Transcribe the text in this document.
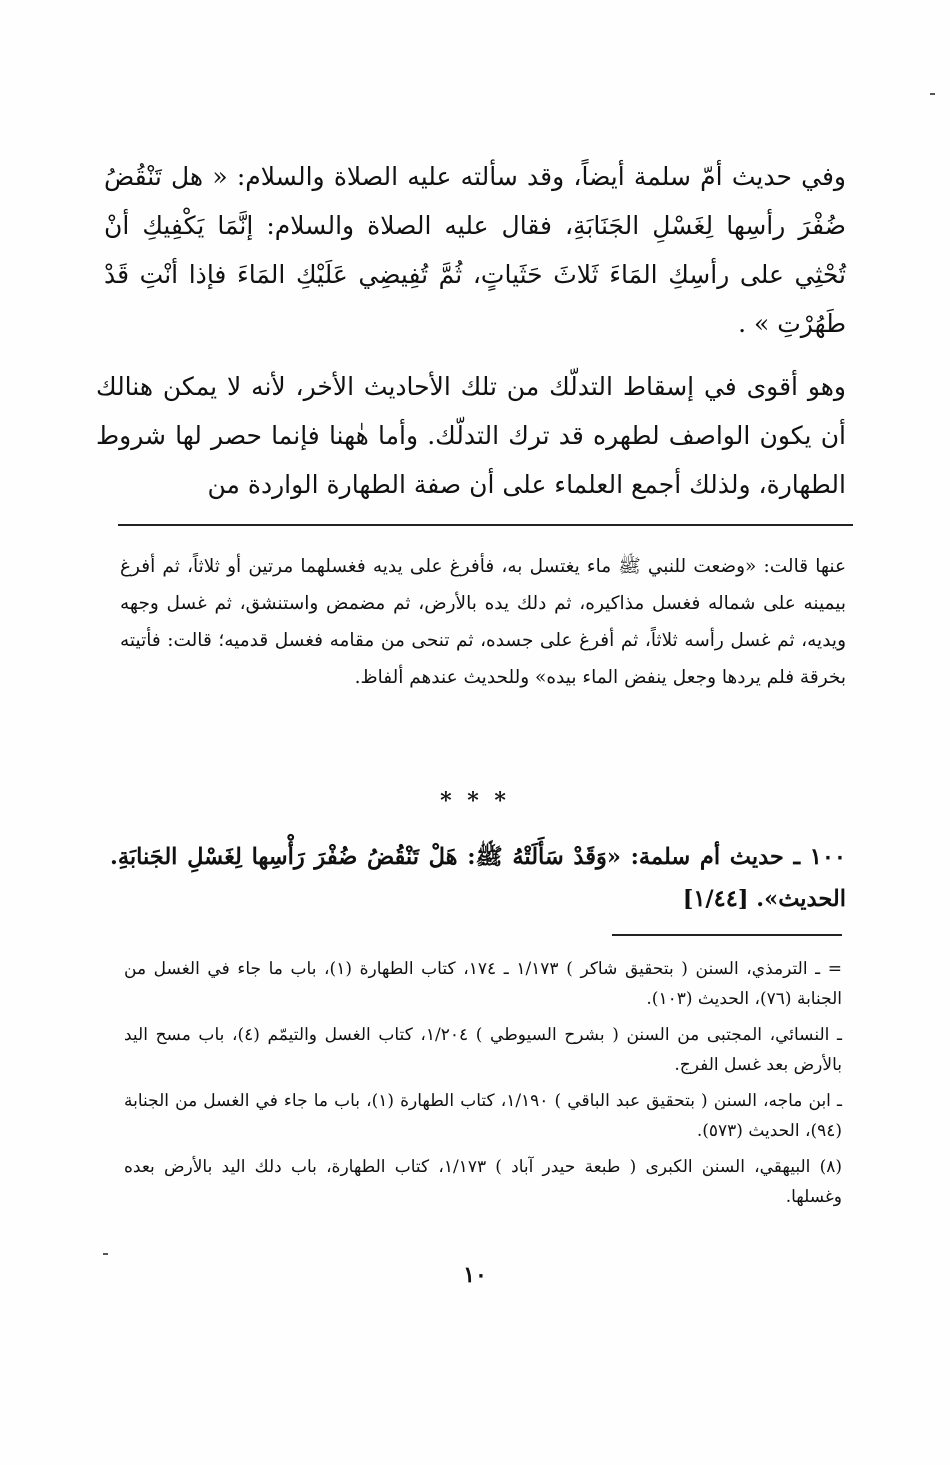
وفي حديث أمّ سلمة أيضاً، وقد سألته عليه الصلاة والسلام: « هل تَنْقُضُ ضُفْرَ رأسِها لِغَسْلِ الجَنَابَةِ، فقال عليه الصلاة والسلام: إنَّمَا يَكْفِيكِ أنْ تُحْثِي على رأسِكِ المَاءَ ثَلاثَ حَثَياتٍ، ثُمَّ تُفِيضِي عَلَيْكِ المَاءَ فإذا أنْتِ قَدْ طَهُرْتِ » .

وهو أقوى في إسقاط التدلّك من تلك الأحاديث الأخر، لأنه لا يمكن هنالك أن يكون الواصف لطهره قد ترك التدلّك. وأما هٰهنا فإنما حصر لها شروط الطهارة، ولذلك أجمع العلماء على أن صفة الطهارة الواردة من

عنها قالت: «وضعت للنبي ﷺ ماء يغتسل به، فأفرغ على يديه فغسلهما مرتين أو ثلاثاً، ثم أفرغ بيمينه على شماله فغسل مذاكيره، ثم دلك يده بالأرض، ثم مضمض واستنشق، ثم غسل وجهه ويديه، ثم غسل رأسه ثلاثاً، ثم أفرغ على جسده، ثم تنحى من مقامه فغسل قدميه؛ قالت: فأتيته بخرقة فلم يردها وجعل ينفض الماء بيده» وللحديث عندهم ألفاظ.

* * *

١٠٠ ـ حديث أم سلمة: «وَقَدْ سَأَلَتْهُ ﷺ: هَلْ تَنْقُضُ ضُفْرَ رَأْسِها لِغَسْلِ الجَنابَةِ. الحديث». [١/٤٤]

= ـ الترمذي، السنن ( بتحقيق شاكر ) ١/١٧٣ ـ ١٧٤، كتاب الطهارة (١)، باب ما جاء في الغسل من الجنابة (٧٦)، الحديث (١٠٣).

ـ النسائي، المجتبى من السنن ( بشرح السيوطي ) ١/٢٠٤، كتاب الغسل والتيمّم (٤)، باب مسح اليد بالأرض بعد غسل الفرج.

ـ ابن ماجه، السنن ( بتحقيق عبد الباقي ) ١/١٩٠، كتاب الطهارة (١)، باب ما جاء في الغسل من الجنابة (٩٤)، الحديث (٥٧٣).

(٨) البيهقي، السنن الكبرى ( طبعة حيدر آباد ) ١/١٧٣، كتاب الطهارة، باب دلك اليد بالأرض بعده وغسلها.

١٠
